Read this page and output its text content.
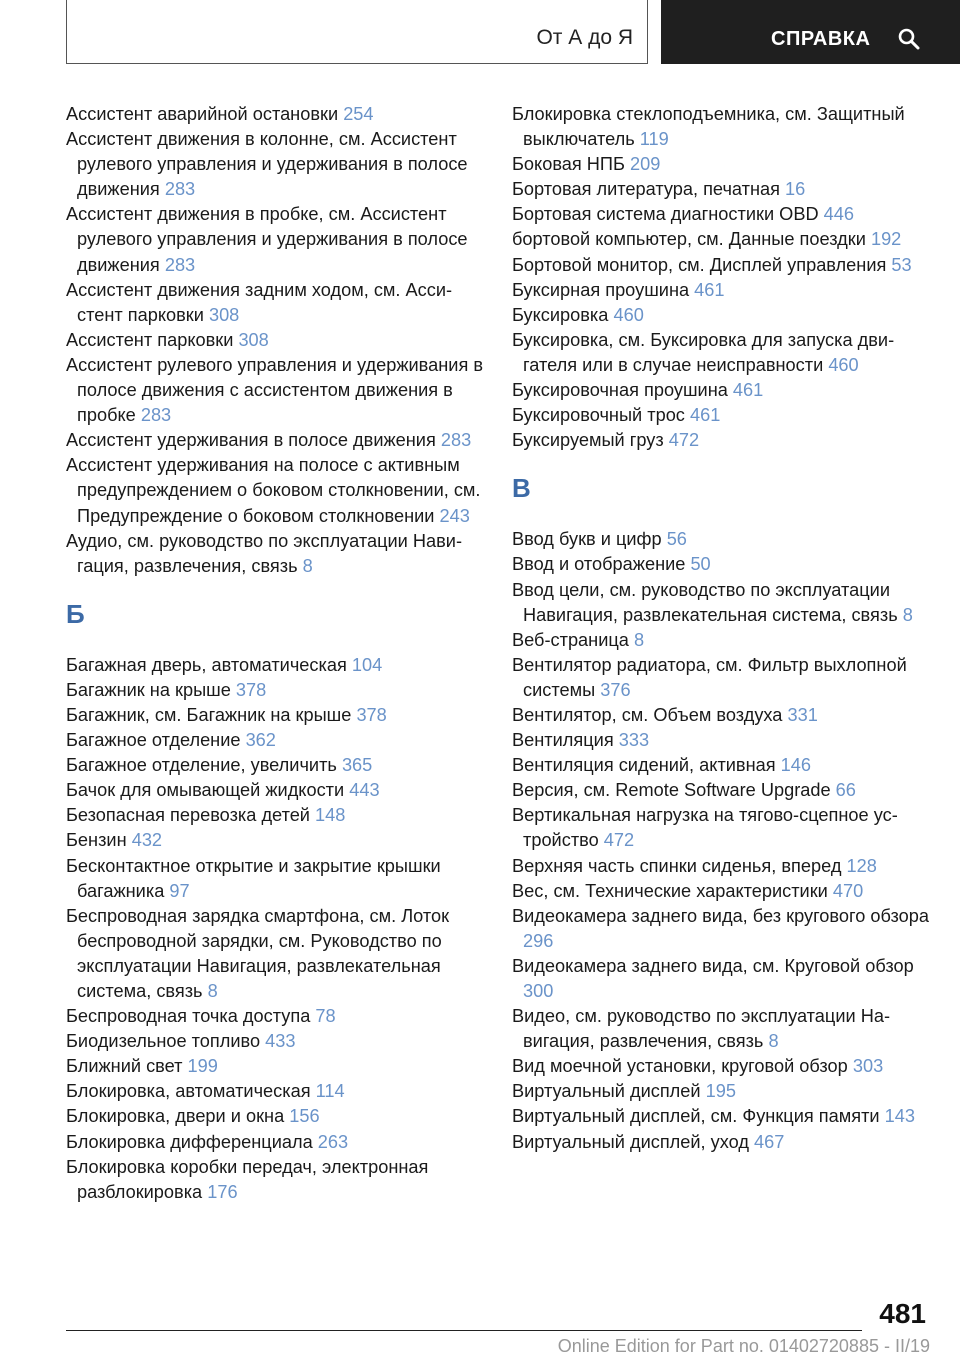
От А до Я	СПРАВКА
Ассистент аварийной остановки 254
Ассистент движения в колонне, см. Ассистент рулевого управления и удерживания в полосе движения 283
Ассистент движения в пробке, см. Ассистент рулевого управления и удерживания в полосе движения 283
Ассистент движения задним ходом, см. Ассистент парковки 308
Ассистент парковки 308
Ассистент рулевого управления и удерживания в полосе движения с ассистентом движения в пробке 283
Ассистент удерживания в полосе движения 283
Ассистент удерживания на полосе с активным предупреждением о боковом столкновении, см. Предупреждение о боковом столкновении 243
Аудио, см. руководство по эксплуатации Навигация, развлечения, связь 8
Б
Багажная дверь, автоматическая 104
Багажник на крыше 378
Багажник, см. Багажник на крыше 378
Багажное отделение 362
Багажное отделение, увеличить 365
Бачок для омывающей жидкости 443
Безопасная перевозка детей 148
Бензин 432
Бесконтактное открытие и закрытие крышки багажника 97
Беспроводная зарядка смартфона, см. Лоток беспроводной зарядки, см. Руководство по эксплуатации Навигация, развлекательная система, связь 8
Беспроводная точка доступа 78
Биодизельное топливо 433
Ближний свет 199
Блокировка, автоматическая 114
Блокировка, двери и окна 156
Блокировка дифференциала 263
Блокировка коробки передач, электронная разблокировка 176
Блокировка стеклоподъемника, см. Защитный выключатель 119
Боковая НПБ 209
Бортовая литература, печатная 16
Бортовая система диагностики OBD 446
бортовой компьютер, см. Данные поездки 192
Бортовой монитор, см. Дисплей управления 53
Буксирная проушина 461
Буксировка 460
Буксировка, см. Буксировка для запуска двигателя или в случае неисправности 460
Буксировочная проушина 461
Буксировочный трос 461
Буксируемый груз 472
В
Ввод букв и цифр 56
Ввод и отображение 50
Ввод цели, см. руководство по эксплуатации Навигация, развлекательная система, связь 8
Веб-страница 8
Вентилятор радиатора, см. Фильтр выхлопной системы 376
Вентилятор, см. Объем воздуха 331
Вентиляция 333
Вентиляция сидений, активная 146
Версия, см. Remote Software Upgrade 66
Вертикальная нагрузка на тягово-сцепное устройство 472
Верхняя часть спинки сиденья, вперед 128
Вес, см. Технические характеристики 470
Видеокамера заднего вида, без кругового обзора 296
Видеокамера заднего вида, см. Круговой обзор 300
Видео, см. руководство по эксплуатации Навигация, развлечения, связь 8
Вид моечной установки, круговой обзор 303
Виртуальный дисплей 195
Виртуальный дисплей, см. Функция памяти 143
Виртуальный дисплей, уход 467
481
Online Edition for Part no. 01402720885 - II/19
